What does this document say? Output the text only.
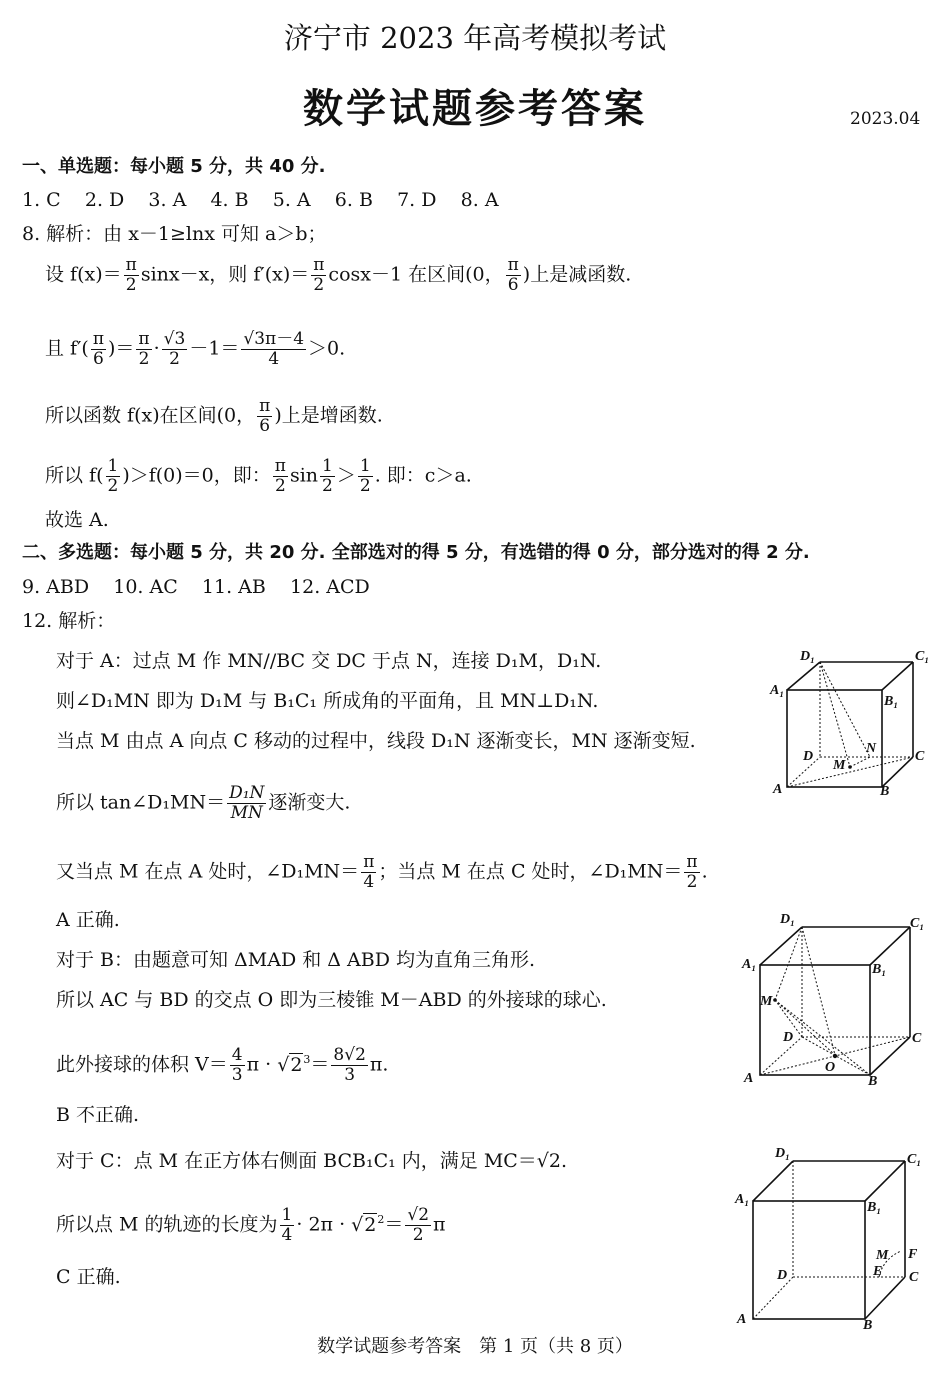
济宁市 2023 年高考模拟考试
数学试题参考答案	2023.04
一、单选题：每小题 5 分，共 40 分.
1. C    2. D    3. A    4. B    5. A    6. B    7. D    8. A
8. 解析：由 x－1≥lnx 可知 a＞b；
设 $f(x)= \frac{\pi}{2} \sin x-x$，则 $f'(x)= \frac{\pi}{2} \cos x-1$ 在区间(0， $\frac{\pi}{6}$ )上是减函数.
且 $f'( \frac{\pi}{6}$ )＝ $\frac{\pi}{2} \cdot \frac{√3}{2} -1= \frac{√3\pi-4}{4} >0$.
所以函数 f(x)在区间(0， $\frac{\pi}{6}$ )上是增函数.
所以 $f( \frac{1}{2} )>f(0)=0$，即： $\frac{\pi}{2}$ $\sin \frac{1}{2} > \frac{1}{2}$ . 即：c＞a.
故选 A.
二、多选题：每小题 5 分，共 20 分. 全部选对的得 5 分，有选错的得 0 分，部分选对的得 2 分.
9. ABD    10. AC    11. AB    12. ACD
12. 解析：
对于 A：过点 M 作 MN//BC 交 DC 于点 N，连接 D₁M，D₁N.
则∠D₁MN 即为 D₁M 与 B₁C₁ 所成角的平面角，且 MN⊥D₁N.
当点 M 由点 A 向点 C 移动的过程中，线段 D₁N 逐渐变长，MN 逐渐变短.
所以 tan∠D₁MN＝ $\frac{\text{D₁N}}{MN}$ 逐渐变大.
又当点 M 在点 A 处时，∠D₁MN＝ $\frac{\pi}{4}$ ；当点 M 在点 C 处时，∠D₁MN＝ $\frac{\pi}{2}$ .
A 正确.
对于 B：由题意可知 ΔMAD 和 Δ ABD 均为直角三角形.
所以 AC 与 BD 的交点 O 即为三棱锥 M－ABD 的外接球的球心.
此外接球的体积 $V= \frac{4}{3}$ $\pi \cdot √2^3= \frac{8√2}{3} \pi$.
B 不正确.
对于 C：点 M 在正方体右侧面 BCB₁C₁ 内，满足 MC＝√2.
所以点 M 的轨迹的长度为 $\frac{1}{4} \cdot 2\pi \cdot √2^2= \frac{√2}{2}$ π
C 正确.
D₁	C₁
A₁
B₁
D	C
A	B
M
N
D₁	C₁
A₁	B₁
D	C
A	B
M
O
D₁	C₁
A₁
B₁
D	C
A	B
M
E
F
数学试题参考答案　第 1 页（共 8 页）
